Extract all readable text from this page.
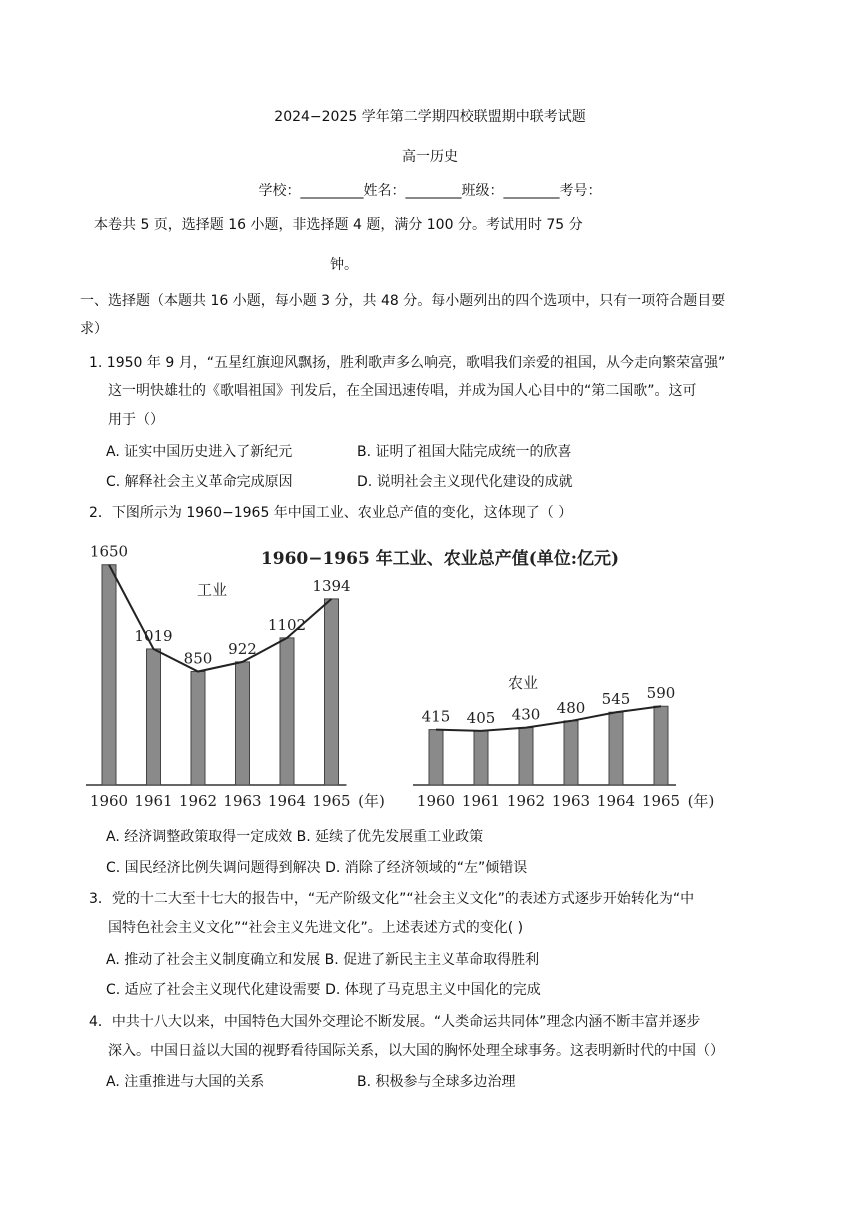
2024−2025 学年第二学期四校联盟期中联考试题
高一历史
学校：_________姓名：________班级：________考号：
本卷共 5 页，选择题 16 小题，非选择题 4 题，满分 100 分。考试用时 75 分
钟。
一、选择题（本题共 16 小题，每小题 3 分，共 48 分。每小题列出的四个选项中，只有一项符合题目要
求）
1. 1950 年 9 月，“五星红旗迎风飘扬，胜利歌声多么响亮，歌唱我们亲爱的祖国，从今走向繁荣富强”
这一明快雄壮的《歌唱祖国》刊发后，在全国迅速传唱，并成为国人心目中的“第二国歌”。这可
用于（）
A. 证实中国历史进入了新纪元	B. 证明了祖国大陆完成统一的欣喜
C. 解释社会主义革命完成原因	D. 说明社会主义现代化建设的成就
2．下图所示为 1960−1965 年中国工业、农业总产值的变化，这体现了（ ）
1960−1965 年工业、农业总产值(单位:亿元)
工业
1650
1960
1019
1961
850
1962
922
1963
1102
1964
1394
1965 (年)
农业
415
1960
405
1961
430
1962
480
1963
545
1964
590
1965 (年)
A. 经济调整政策取得一定成效 B. 延续了优先发展重工业政策
C. 国民经济比例失调问题得到解决 D. 消除了经济领域的“左”倾错误
3．党的十二大至十七大的报告中，“无产阶级文化”“社会主义文化”的表述方式逐步开始转化为“中
国特色社会主义文化”“社会主义先进文化”。上述表述方式的变化( )
A. 推动了社会主义制度确立和发展 B. 促进了新民主主义革命取得胜利
C. 适应了社会主义现代化建设需要 D. 体现了马克思主义中国化的完成
4．中共十八大以来，中国特色大国外交理论不断发展。“人类命运共同体”理念内涵不断丰富并逐步
深入。中国日益以大国的视野看待国际关系，以大国的胸怀处理全球事务。这表明新时代的中国（）
A. 注重推进与大国的关系	B. 积极参与全球多边治理
